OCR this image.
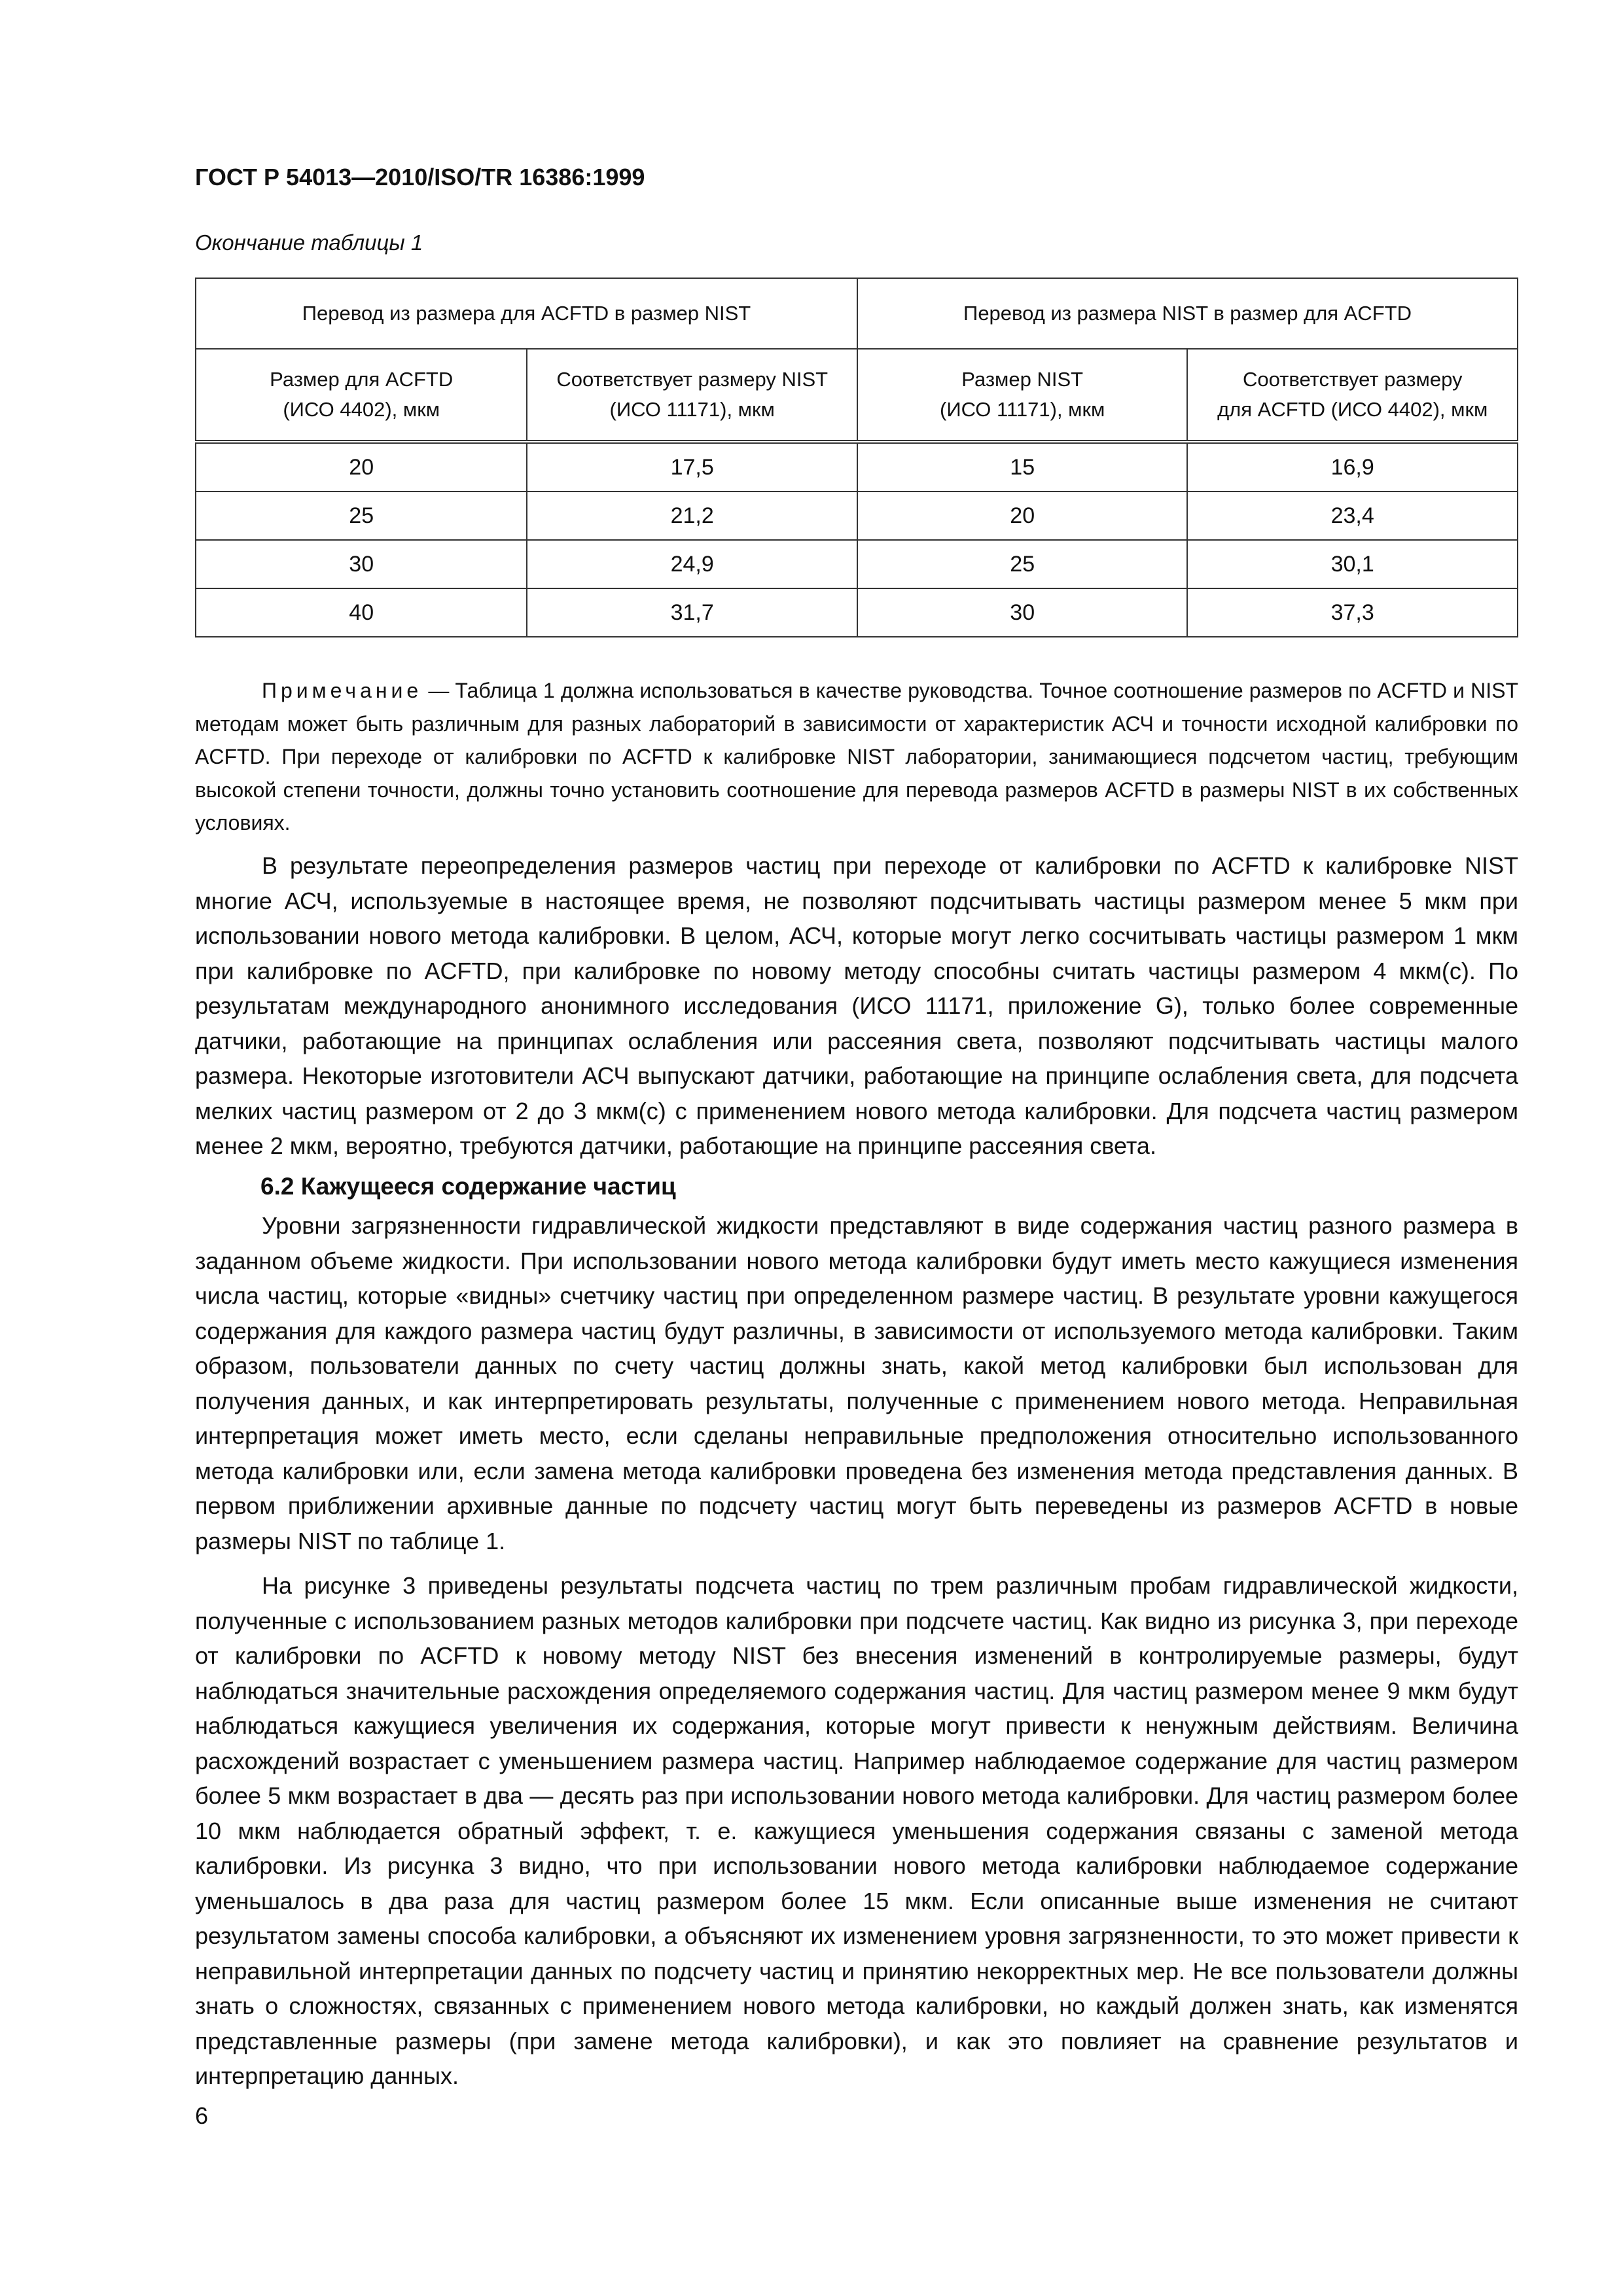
ГОСТ Р 54013—2010/ISO/TR 16386:1999
Окончание таблицы 1
Перевод из размера для ACFTD в размер NIST	Перевод из размера NIST в размер для ACFTD
Размер для ACFTD
(ИСО 4402), мкм	Соответствует размеру NIST
(ИСО 11171), мкм	Размер NIST
(ИСО 11171), мкм	Соответствует размеру
для ACFTD (ИСО 4402), мкм
20	17,5	15	16,9
25	21,2	20	23,4
30	24,9	25	30,1
40	31,7	30	37,3
Примечание — Таблица 1 должна использоваться в качестве руководства. Точное соотношение размеров по ACFTD и NIST методам может быть различным для разных лабораторий в зависимости от характеристик АСЧ и точности исходной калибровки по ACFTD. При переходе от калибровки по ACFTD к калибровке NIST лаборатории, занимающиеся подсчетом частиц, требующим высокой степени точности, должны точно установить соотношение для перевода размеров ACFTD в размеры NIST в их собственных условиях.
В результате переопределения размеров частиц при переходе от калибровки по ACFTD к калибровке NIST многие АСЧ, используемые в настоящее время, не позволяют подсчитывать частицы размером менее 5 мкм при использовании нового метода калибровки. В целом, АСЧ, которые могут легко сосчитывать частицы размером 1 мкм при калибровке по ACFTD, при калибровке по новому методу способны считать частицы размером 4 мкм(с). По результатам международного анонимного исследования (ИСО 11171, приложение G), только более современные датчики, работающие на принципах ослабления или рассеяния света, позволяют подсчитывать частицы малого размера. Некоторые изготовители АСЧ выпускают датчики, работающие на принципе ослабления света, для подсчета мелких частиц размером от 2 до 3 мкм(с) с применением нового метода калибровки. Для подсчета частиц размером менее 2 мкм, вероятно, требуются датчики, работающие на принципе рассеяния света.
6.2 Кажущееся содержание частиц
Уровни загрязненности гидравлической жидкости представляют в виде содержания частиц разного размера в заданном объеме жидкости. При использовании нового метода калибровки будут иметь место кажущиеся изменения числа частиц, которые «видны» счетчику частиц при определенном размере частиц. В результате уровни кажущегося содержания для каждого размера частиц будут различны, в зависимости от используемого метода калибровки. Таким образом, пользователи данных по счету частиц должны знать, какой метод калибровки был использован для получения данных, и как интерпретировать результаты, полученные с применением нового метода. Неправильная интерпретация может иметь место, если сделаны неправильные предположения относительно использованного метода калибровки или, если замена метода калибровки проведена без изменения метода представления данных. В первом приближении архивные данные по подсчету частиц могут быть переведены из размеров ACFTD в новые размеры NIST по таблице 1.
На рисунке 3 приведены результаты подсчета частиц по трем различным пробам гидравлической жидкости, полученные с использованием разных методов калибровки при подсчете частиц. Как видно из рисунка 3, при переходе от калибровки по ACFTD к новому методу NIST без внесения изменений в контролируемые размеры, будут наблюдаться значительные расхождения определяемого содержания частиц. Для частиц размером менее 9 мкм будут наблюдаться кажущиеся увеличения их содержания, которые могут привести к ненужным действиям. Величина расхождений возрастает с уменьшением размера частиц. Например наблюдаемое содержание для частиц размером более 5 мкм возрастает в два — десять раз при использовании нового метода калибровки. Для частиц размером более 10 мкм наблюдается обратный эффект, т. е. кажущиеся уменьшения содержания связаны с заменой метода калибровки. Из рисунка 3 видно, что при использовании нового метода калибровки наблюдаемое содержание уменьшалось в два раза для частиц размером более 15 мкм. Если описанные выше изменения не считают результатом замены способа калибровки, а объясняют их изменением уровня загрязненности, то это может привести к неправильной интерпретации данных по подсчету частиц и принятию некорректных мер. Не все пользователи должны знать о сложностях, связанных с применением нового метода калибровки, но каждый должен знать, как изменятся представленные размеры (при замене метода калибровки), и как это повлияет на сравнение результатов и интерпретацию данных.
6
